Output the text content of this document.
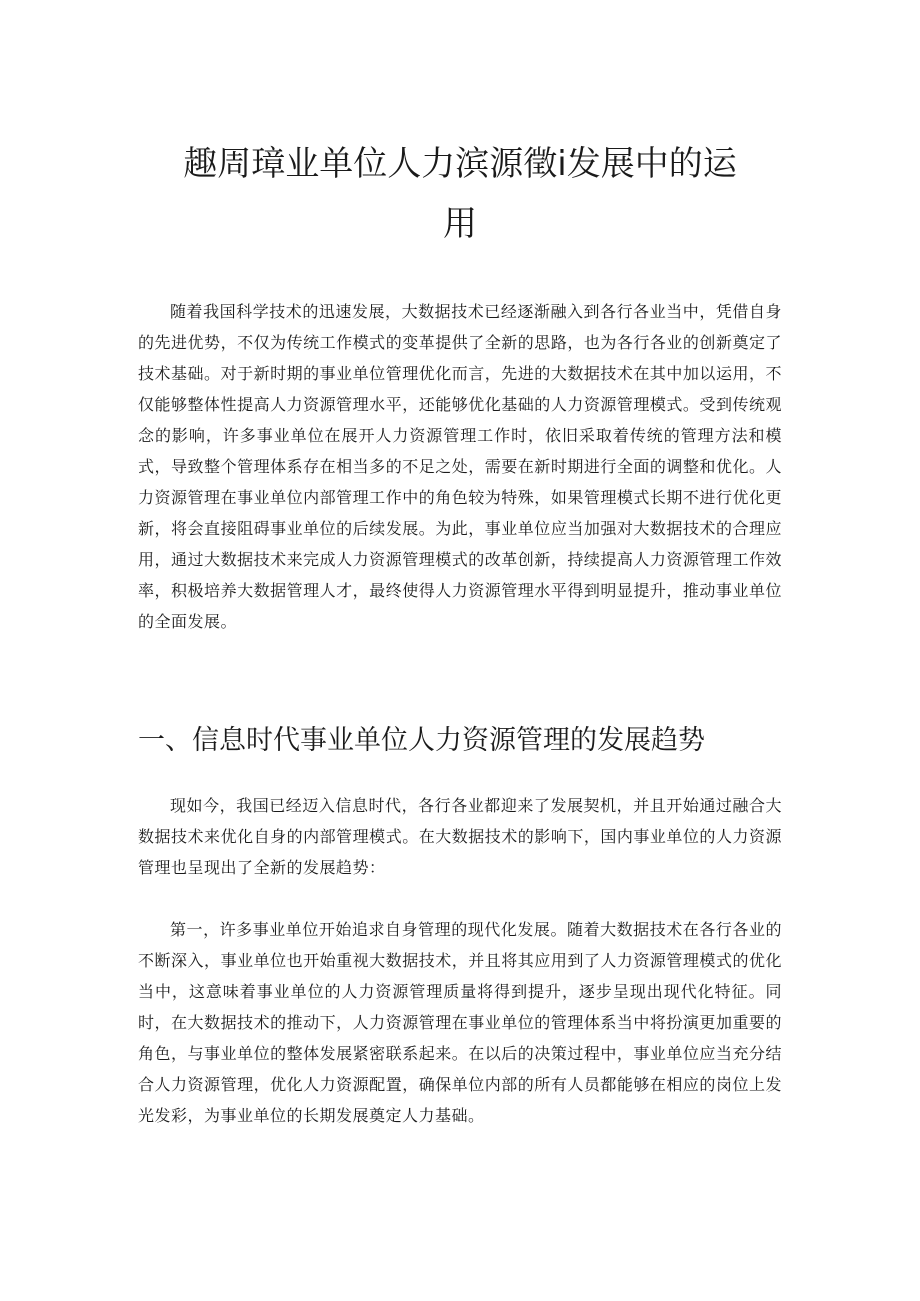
趣周璋业单位人力滨源徵i发展中的运
用

随着我国科学技术的迅速发展，大数据技术已经逐渐融入到各行各业当中，凭借自身的先进优势，不仅为传统工作模式的变革提供了全新的思路，也为各行各业的创新奠定了技术基础。对于新时期的事业单位管理优化而言，先进的大数据技术在其中加以运用，不仅能够整体性提高人力资源管理水平，还能够优化基础的人力资源管理模式。受到传统观念的影响，许多事业单位在展开人力资源管理工作时，依旧采取着传统的管理方法和模式，导致整个管理体系存在相当多的不足之处，需要在新时期进行全面的调整和优化。人力资源管理在事业单位内部管理工作中的角色较为特殊，如果管理模式长期不进行优化更新，将会直接阻碍事业单位的后续发展。为此，事业单位应当加强对大数据技术的合理应用，通过大数据技术来完成人力资源管理模式的改革创新，持续提高人力资源管理工作效率，积极培养大数据管理人才，最终使得人力资源管理水平得到明显提升，推动事业单位的全面发展。

一、信息时代事业单位人力资源管理的发展趋势

现如今，我国已经迈入信息时代，各行各业都迎来了发展契机，并且开始通过融合大数据技术来优化自身的内部管理模式。在大数据技术的影响下，国内事业单位的人力资源管理也呈现出了全新的发展趋势：

第一，许多事业单位开始追求自身管理的现代化发展。随着大数据技术在各行各业的不断深入，事业单位也开始重视大数据技术，并且将其应用到了人力资源管理模式的优化当中，这意味着事业单位的人力资源管理质量将得到提升，逐步呈现出现代化特征。同时，在大数据技术的推动下，人力资源管理在事业单位的管理体系当中将扮演更加重要的角色，与事业单位的整体发展紧密联系起来。在以后的决策过程中，事业单位应当充分结合人力资源管理，优化人力资源配置，确保单位内部的所有人员都能够在相应的岗位上发光发彩，为事业单位的长期发展奠定人力基础。
